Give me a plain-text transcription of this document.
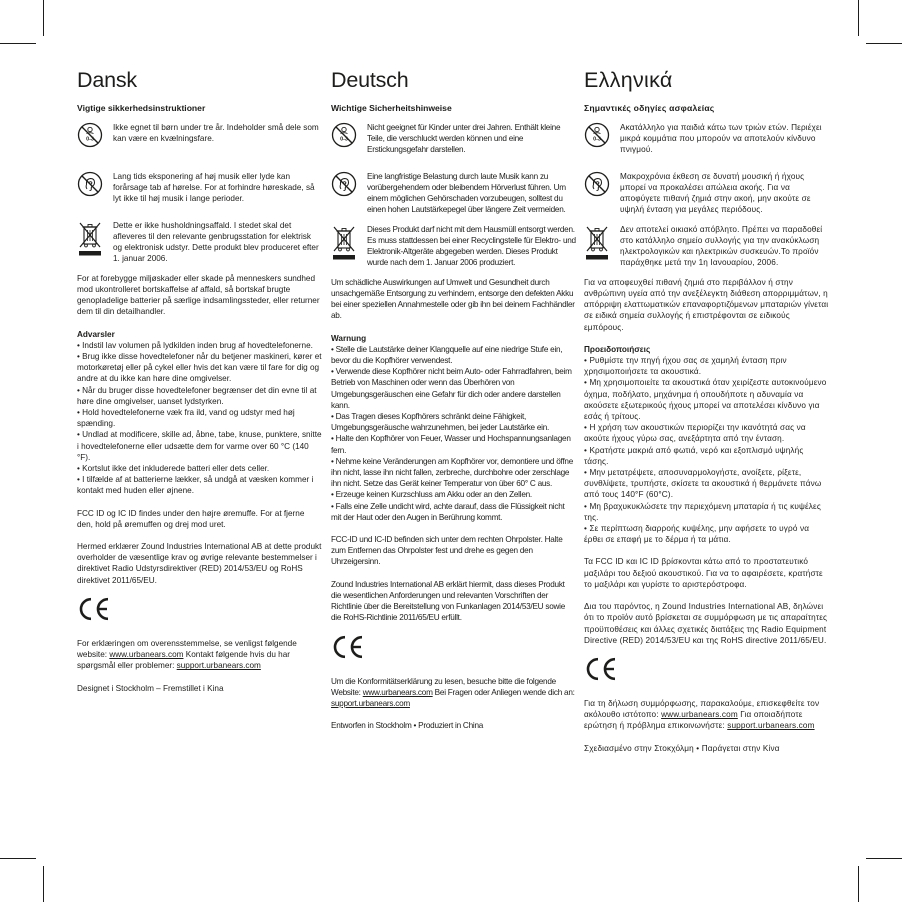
Dansk
Vigtige sikkerhedsinstruktioner
0-3
Ikke egnet til børn under tre år. Indeholder små dele som kan være en kvælningsfare.
Lang tids eksponering af høj musik eller lyde kan forårsage tab af hørelse. For at forhindre høreskade, så lyt ikke til høj musik i lange perioder.
Dette er ikke husholdningsaffald. I stedet skal det afleveres til den relevante genbrugsstation for elektrisk og elektronisk udstyr. Dette produkt blev produceret efter 1. januar 2006.

For at forebygge miljøskader eller skade på menneskers sundhed mod ukontrolleret bortskaffelse af affald, så bortskaf brugte genopladelige batterier på særlige indsamlingssteder, eller returner dem til din detailhandler.

Advarsler

• Indstil lav volumen på lydkilden inden brug af hovedtelefonerne.

• Brug ikke disse hovedtelefoner når du betjener maskineri, kører et motorkøretøj eller på cykel eller hvis det kan være til fare for dig og andre at du ikke kan høre dine omgivelser.

• Når du bruger disse hovedtelefoner begrænser det din evne til at høre dine omgivelser, uanset lydstyrken.

• Hold hovedtelefonerne væk fra ild, vand og udstyr med høj spænding.

• Undlad at modificere, skille ad, åbne, tabe, knuse, punktere, snitte i hovedtelefonerne eller udsætte dem for varme over 60 °C (140 °F).

• Kortslut ikke det inkluderede batteri eller dets celler.

• I tilfælde af at batterierne lækker, så undgå at væsken kommer i kontakt med huden eller øjnene.

FCC ID og IC ID findes under den højre øremuffe. For at fjerne den, hold på øremuffen og drej mod uret.

Hermed erklærer Zound Industries International AB at dette produkt overholder de væsentlige krav og øvrige relevante bestemmelser i direktivet Radio Udstyrsdirektiver (RED) 2014/53/EU og RoHS direktivet 2011/65/EU.

For erklæringen om overensstemmelse, se venligst følgende website: www.urbanears.com Kontakt følgende hvis du har spørgsmål eller problemer: support.urbanears.com

Designet i Stockholm – Fremstillet i Kina

Deutsch
Wichtige Sicherheitshinweise
0-3
Nicht geeignet für Kinder unter drei Jahren. Enthält kleine Teile, die verschluckt werden können und eine Erstickungsgefahr darstellen.
Eine langfristige Belastung durch laute Musik kann zu vorübergehendem oder bleibendem Hörverlust führen. Um einem möglichen Gehörschaden vorzubeugen, solltest du einen hohen Lautstärkepegel über längere Zeit vermeiden.
Dieses Produkt darf nicht mit dem Hausmüll entsorgt werden. Es muss stattdessen bei einer Recyclingstelle für Elektro- und Elektronik-Altgeräte abgegeben werden. Dieses Produkt wurde nach dem 1. Januar 2006 produziert.

Um schädliche Auswirkungen auf Umwelt und Gesundheit durch unsachgemäße Entsorgung zu verhindern, entsorge den defekten Akku bei einer speziellen Annahmestelle oder gib ihn bei deinem Fachhändler ab.

Warnung

• Stelle die Lautstärke deiner Klangquelle auf eine niedrige Stufe ein, bevor du die Kopfhörer verwendest.

• Verwende diese Kopfhörer nicht beim Auto- oder Fahrradfahren, beim Betrieb von Maschinen oder wenn das Überhören von Umgebungsgeräuschen eine Gefahr für dich oder andere darstellen kann.

• Das Tragen dieses Kopfhörers schränkt deine Fähigkeit, Umgebungsgeräusche wahrzunehmen, bei jeder Lautstärke ein.

• Halte den Kopfhörer von Feuer, Wasser und Hochspannungsanlagen fern.

• Nehme keine Veränderungen am Kopfhörer vor, demontiere und öffne ihn nicht, lasse ihn nicht fallen, zerbreche, durchbohre oder zerschlage ihn nicht. Setze das Gerät keiner Temperatur von über 60° C aus.

• Erzeuge keinen Kurzschluss am Akku oder an den Zellen.

• Falls eine Zelle undicht wird, achte darauf, dass die Flüssigkeit nicht mit der Haut oder den Augen in Berührung kommt.

FCC-ID und IC-ID befinden sich unter dem rechten Ohrpolster. Halte zum Entfernen das Ohrpolster fest und drehe es gegen den Uhrzeigersinn.

Zound Industries International AB erklärt hiermit, dass dieses Produkt die wesentlichen Anforderungen und relevanten Vorschriften der Richtlinie über die Bereitstellung von Funkanlagen 2014/53/EU sowie die RoHS-Richtlinie 2011/65/EU erfüllt.

Um die Konformitätserklärung zu lesen, besuche bitte die folgende Website: www.urbanears.com Bei Fragen oder Anliegen wende dich an: support.urbanears.com

Entworfen in Stockholm • Produziert in China

Ελληνικά
Σημαντικές οδηγίες ασφαλείας
0-3
Ακατάλληλο για παιδιά κάτω των τριών ετών. Περιέχει μικρά κομμάτια που μπορούν να αποτελούν κίνδυνο πνιγμού.
Μακροχρόνια έκθεση σε δυνατή μουσική ή ήχους μπορεί να προκαλέσει απώλεια ακοής. Για να αποφύγετε πιθανή ζημιά στην ακοή, μην ακούτε σε υψηλή ένταση για μεγάλες περιόδους.
Δεν αποτελεί οικιακό απόβλητο. Πρέπει να παραδοθεί στο κατάλληλο σημείο συλλογής για την ανακύκλωση ηλεκτρολογικών και ηλεκτρικών συσκευών.Το προϊόν παράχθηκε μετά την 1η Ιανουαρίου, 2006.

Για να αποφευχθεί πιθανή ζημιά στο περιβάλλον ή στην ανθρώπινη υγεία από την ανεξέλεγκτη διάθεση απορριμμάτων, η απόρριψη ελαττωματικών επαναφορτιζόμενων μπαταριών γίνεται σε ειδικά σημεία συλλογής ή επιστρέφονται σε ειδικούς εμπόρους.

Προειδοποιήσεις

• Ρυθμίστε την πηγή ήχου σας σε χαμηλή ένταση πριν χρησιμοποιήσετε τα ακουστικά.

• Μη χρησιμοποιείτε τα ακουστικά όταν χειρίζεστε αυτοκινούμενο όχημα, ποδήλατο, μηχάνημα ή οπουδήποτε η αδυναμία να ακούσετε εξωτερικούς ήχους μπορεί να αποτελέσει κίνδυνο για εσάς ή τρίτους.

• Η χρήση των ακουστικών περιορίζει την ικανότητά σας να ακούτε ήχους γύρω σας, ανεξάρτητα από την ένταση.

• Κρατήστε μακριά από φωτιά, νερό και εξοπλισμό υψηλής τάσης.

• Μην μετατρέψετε, αποσυναρμολογήστε, ανοίξετε, ρίξετε, συνθλίψετε, τρυπήστε, σκίσετε τα ακουστικά ή θερμάνετε πάνω από τους 140°F (60°C).

• Μη βραχυκυκλώσετε την περιεχόμενη μπαταρία ή τις κυψέλες της.

• Σε περίπτωση διαρροής κυψέλης, μην αφήσετε το υγρό να έρθει σε επαφή με το δέρμα ή τα μάτια.

Τα FCC ID και IC ID βρίσκονται κάτω από το προστατευτικό μαξιλάρι του δεξιού ακουστικού. Για να το αφαιρέσετε, κρατήστε το μαξιλάρι και γυρίστε το αριστερόστροφα.

Δια του παρόντος, η Zound Industries International AB, δηλώνει ότι το προϊόν αυτό βρίσκεται σε συμμόρφωση με τις απαραίτητες προϋποθέσεις και άλλες σχετικές διατάξεις της Radio Equipment Directive (RED) 2014/53/EU και της RoHS directive 2011/65/EU.

Για τη δήλωση συμμόρφωσης, παρακαλούμε, επισκεφθείτε τον ακόλουθο ιστότοπο: www.urbanears.com Για οποιαδήποτε ερώτηση ή πρόβλημα επικοινωνήστε: support.urbanears.com

Σχεδιασμένο στην Στοκχόλμη • Παράγεται στην Κίνα
